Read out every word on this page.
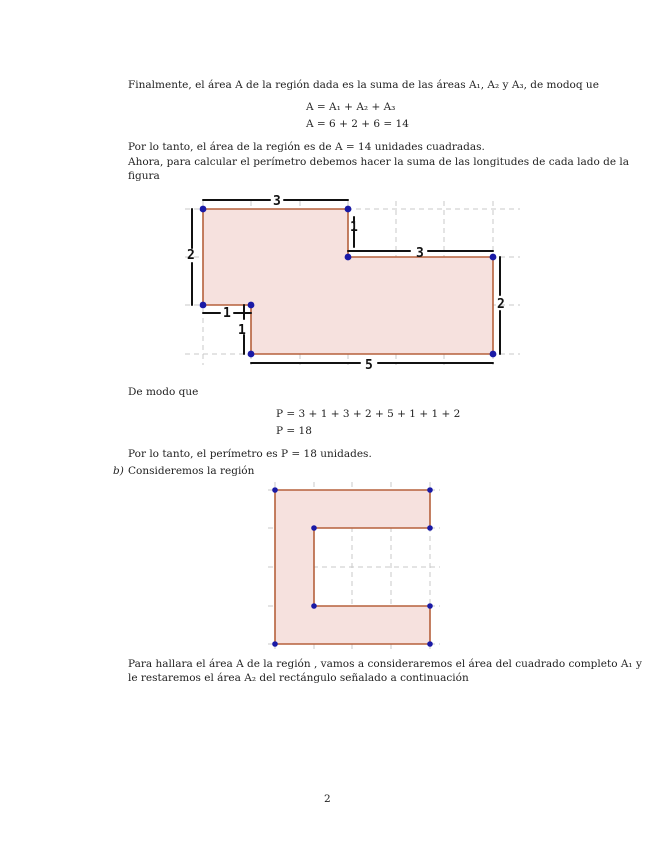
Finalmente, el área A de la región dada es la suma de las áreas A₁, A₂ y A₃, de modoq ue
A = A₁ + A₂ + A₃
A = 6 + 2 + 6 = 14
Por lo tanto, el área de la región es de A = 14 unidades cuadradas.
Ahora, para calcular el perímetro debemos hacer la suma de las longitudes de cada lado de la
figura
3
2
1
3
2
1
1
5
De modo que
P = 3 + 1 + 3 + 2 + 5 + 1 + 1 + 2
P = 18
Por lo tanto, el perímetro es P = 18 unidades.
b) Consideremos la región
Para hallara el área A de la región , vamos a consideraremos el área del cuadrado completo A₁ y
le restaremos el área A₂ del rectángulo señalado a continuación
2
